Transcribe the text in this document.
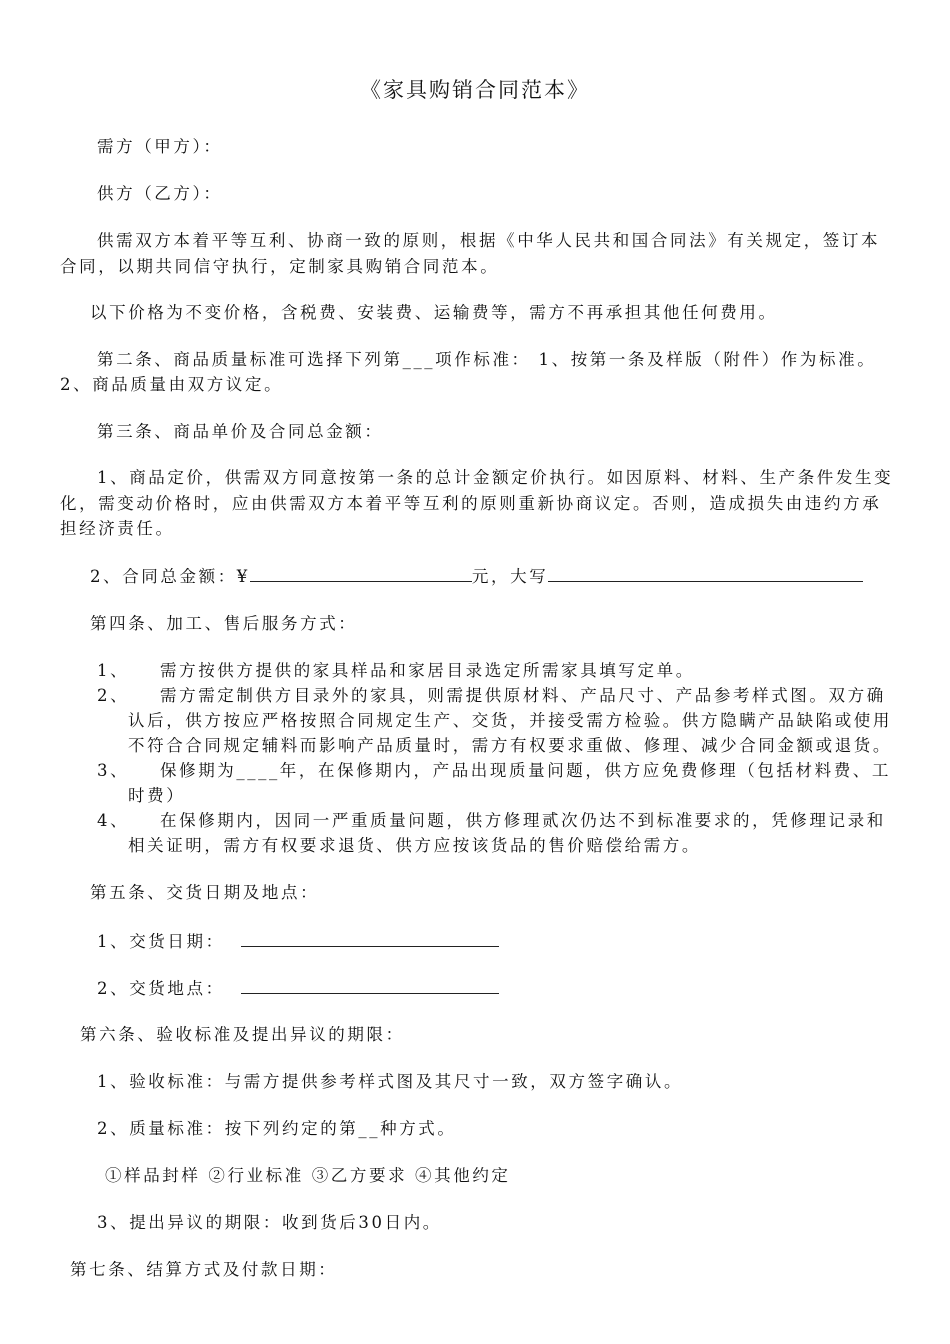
《家具购销合同范本》
需方（甲方）：
供方（乙方）：
供需双方本着平等互利、协商一致的原则，根据《中华人民共和国合同法》有关规定，签订本
合同，以期共同信守执行，定制家具购销合同范本。
以下价格为不变价格，含税费、安装费、运输费等，需方不再承担其他任何费用。
第二条、商品质量标准可选择下列第___项作标准： 1、按第一条及样版（附件）作为标准。
2、商品质量由双方议定。
第三条、商品单价及合同总金额：
1、商品定价，供需双方同意按第一条的总计金额定价执行。如因原料、材料、生产条件发生变
化，需变动价格时，应由供需双方本着平等互利的原则重新协商议定。否则，造成损失由违约方承
担经济责任。
2、合同总金额：¥	元，大写
第四条、加工、售后服务方式：
1、 需方按供方提供的家具样品和家居目录选定所需家具填写定单。
2、 需方需定制供方目录外的家具，则需提供原材料、产品尺寸、产品参考样式图。双方确
认后，供方按应严格按照合同规定生产、交货，并接受需方检验。供方隐瞒产品缺陷或使用
不符合合同规定辅料而影响产品质量时，需方有权要求重做、修理、减少合同金额或退货。
3、 保修期为____年，在保修期内，产品出现质量问题，供方应免费修理（包括材料费、工
时费）
4、 在保修期内，因同一严重质量问题，供方修理贰次仍达不到标准要求的，凭修理记录和
相关证明，需方有权要求退货、供方应按该货品的售价赔偿给需方。
第五条、交货日期及地点：
1、交货日期：
2、交货地点：
第六条、验收标准及提出异议的期限：
1、验收标准：与需方提供参考样式图及其尺寸一致，双方签字确认。
2、质量标准：按下列约定的第__种方式。
①样品封样 ②行业标准 ③乙方要求 ④其他约定
3、提出异议的期限：收到货后30日内。
第七条、结算方式及付款日期：
